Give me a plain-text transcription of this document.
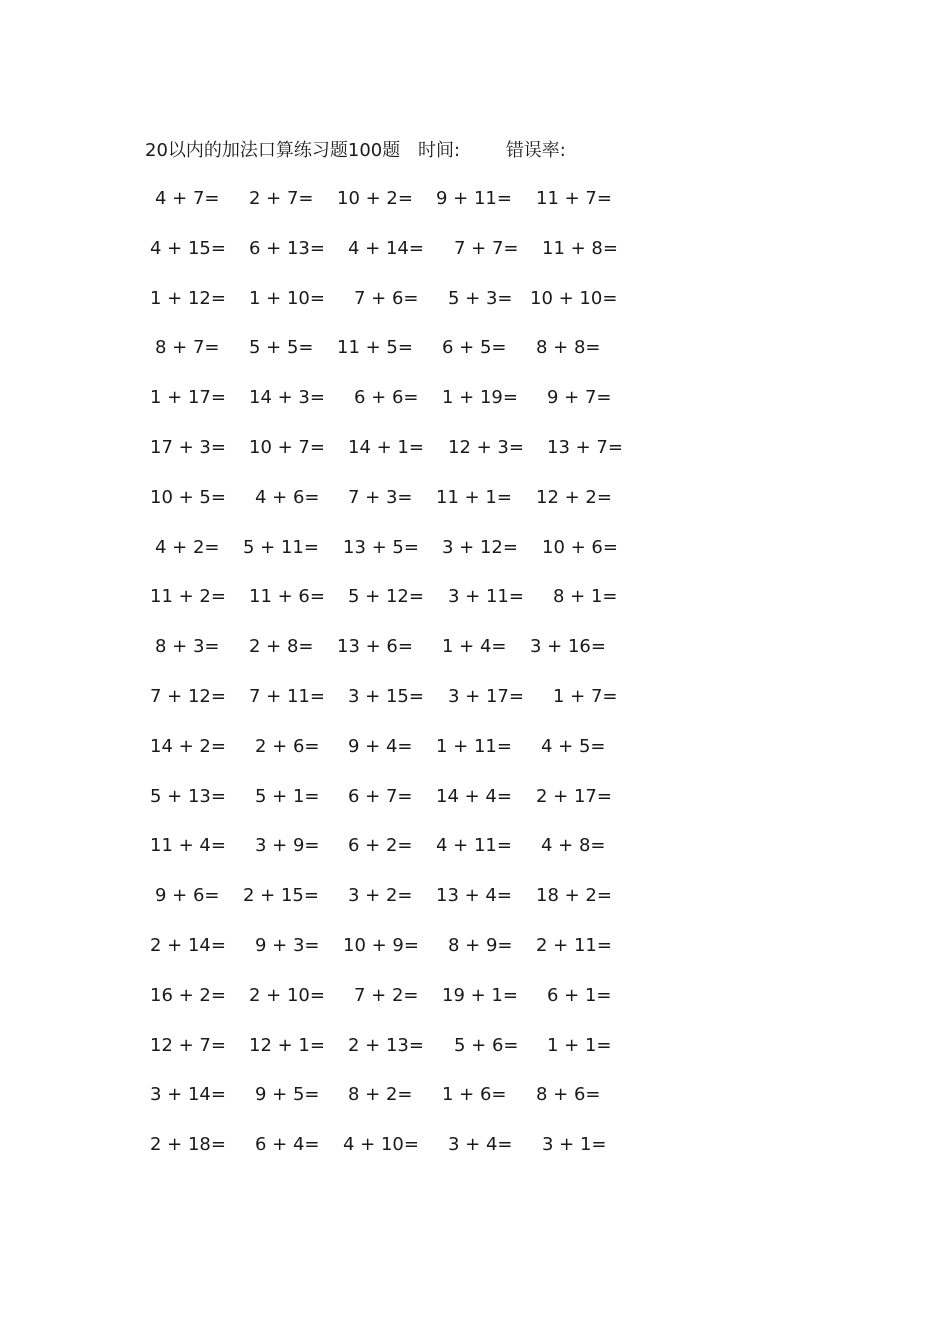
20以内的加法口算练习题100题 时间:	错误率:
4 + 7= 2 + 7= 10 + 2= 9 + 11= 11 + 7=
4 + 15= 6 + 13= 4 + 14= 7 + 7= 11 + 8=
1 + 12= 1 + 10= 7 + 6= 5 + 3= 10 + 10=
8 + 7= 5 + 5= 11 + 5= 6 + 5= 8 + 8=
1 + 17= 14 + 3= 6 + 6= 1 + 19= 9 + 7=
17 + 3= 10 + 7= 14 + 1= 12 + 3= 13 + 7=
10 + 5= 4 + 6= 7 + 3= 11 + 1= 12 + 2=
4 + 2= 5 + 11= 13 + 5= 3 + 12= 10 + 6=
11 + 2= 11 + 6= 5 + 12= 3 + 11= 8 + 1=
8 + 3= 2 + 8= 13 + 6= 1 + 4= 3 + 16=
7 + 12= 7 + 11= 3 + 15= 3 + 17= 1 + 7=
14 + 2= 2 + 6= 9 + 4= 1 + 11= 4 + 5=
5 + 13= 5 + 1= 6 + 7= 14 + 4= 2 + 17=
11 + 4= 3 + 9= 6 + 2= 4 + 11= 4 + 8=
9 + 6= 2 + 15= 3 + 2= 13 + 4= 18 + 2=
2 + 14= 9 + 3= 10 + 9= 8 + 9= 2 + 11=
16 + 2= 2 + 10= 7 + 2= 19 + 1= 6 + 1=
12 + 7= 12 + 1= 2 + 13= 5 + 6= 1 + 1=
3 + 14= 9 + 5= 8 + 2= 1 + 6= 8 + 6=
2 + 18= 6 + 4= 4 + 10= 3 + 4= 3 + 1=
